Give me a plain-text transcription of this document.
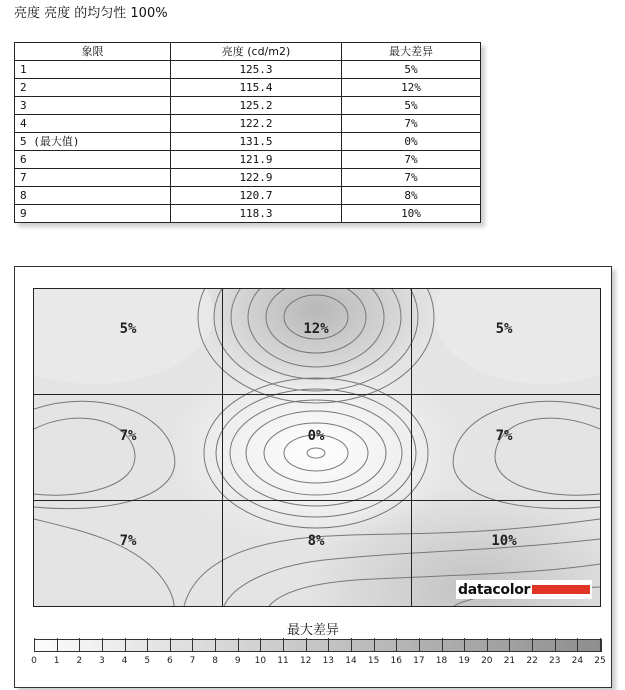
亮度 亮度 的均匀性 100%
象限	亮度 (cd/m2)	最大差异
1	125.3	5%
2	115.4	12%
3	125.2	5%
4	122.2	7%
5 (最大值)	131.5	0%
6	121.9	7%
7	122.9	7%
8	120.7	8%
9	118.3	10%
5%	12%	5%
7%	0%	7%
7%	8%	10%
datacolor
最大差异
0	1	2	3	4	5	6	7	8	9	10	11	12	13	14	15	16	17	18	19	20	21	22	23	24	25
